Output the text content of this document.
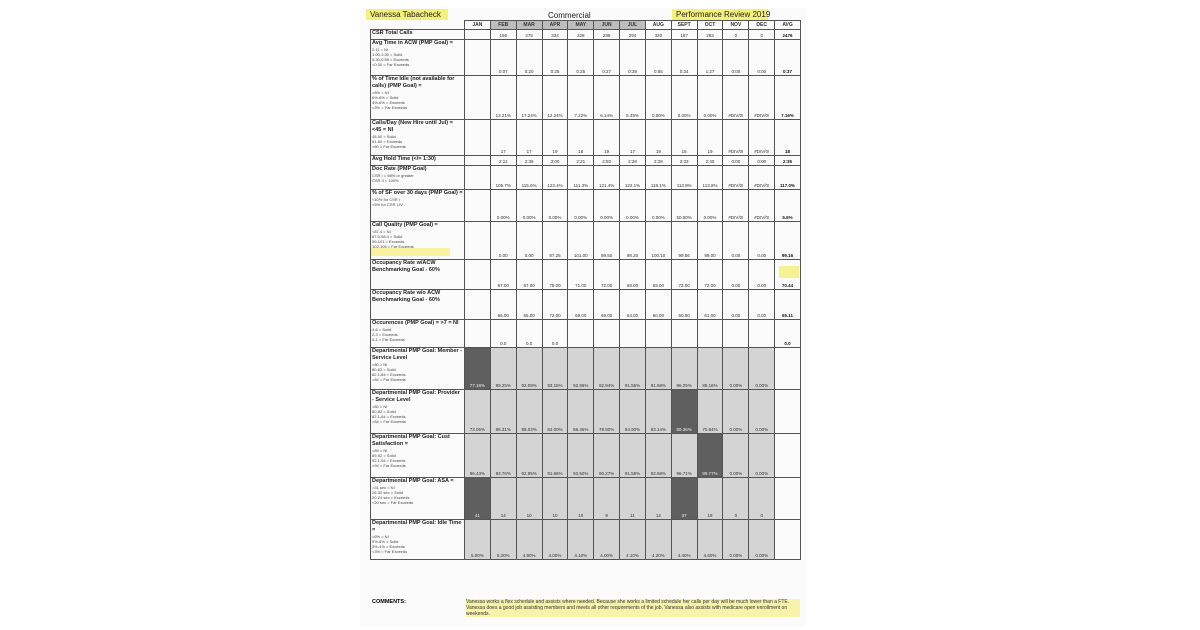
Vanessa Tabacheck	Commercial	Performance Review 2019
	JAN	FEB	MAR	APR	MAY	JUN	JUL	AUG	SEPT	OCT	NOV	DEC	AVG

CSR Total Calls		156	275	334	328	299	294	320	187	283	0	0	2476

Avg Time in ACW (PMP Goal) =
2:11 = NI
1:00-1:30 = Solid
0:30-0:59 = Exceeds
<0:30 = Far Exceeds		0:07	0:20	0:25	0:25	0:27	0:39	0:55	0:34	1:27	0:00	0:00	0:37

% of Time Idle (not available for calls) (PMP Goal) =
>8% = NI
6%-8% = Solid
4%-6% = Exceeds
<3% = Far Exceeds		13.21%	17.24%	12.24%	7.22%	6.14%	5.49%	0.00%	0.00%	0.00%	#DIV/0!	#DIV/0!	7.16%

Calls/Day (New Hire until Jul) = <45 = NI
45-50 = Solid
51-60 = Exceeds
>60 = Far Exceeds		17	17	19	18	19	17	19	16	19	#DIV/0!	#DIV/0!	18

Avg Hold Time (</= 1:30)		2:11	2:36	3:00	2:21	2:50	2:28	2:28	2:33	2:40	0:00	0:00	2:35

Doc Rate (PMP Goal)
CSR I = 98% or greater
CSR II = 100%		105.7%	115.6%	123.4%	111.3%	121.4%	122.1%	118.1%	113.9%	113.8%	#DIV/0!	#DIV/0!	117.0%

% of SF over 30 days (PMP Goal) =
<10% for CSR I
<5% for CSR I-IV		0.00%	0.00%	0.00%	0.00%	0.00%	0.00%	0.00%	50.00%	0.00%	#DIV/0!	#DIV/0!	5.6%

Call Quality (PMP Goal) =
<87.4 = NI
87.5-98.4 = Solid
99-101 = Exceeds
102-105 = Far Exceeds		0.00	0.00	97.25	101.00	99.50	98.20	100.10	99.56	99.00	0.00	0.00	99.16

Occupancy Rate w/ACW Benchmarking Goal - 60%		67.00	67.00	75.00	71.00	72.00	69.00	69.00	72.00	72.00	0.00	0.00	70.44

Occupancy Rate w/o ACW Benchmarking Goal - 60%		66.00	65.00	72.00	69.00	69.00	64.00	60.00	60.00	61.00	0.00	0.00	65.11

Occurences (PMP Goal) = >7 = NI
4-6 = Solid
2-3 = Exceeds
0-1 = Far Exceeds		0.0	0.0	0.0									0.0

Departmental PMP Goal: Member - Service Level
<80 = NI
80-82 = Solid
82.1-84 = Exceeds
>84 = Far Exceeds	77.18%	89.25%	92.09%	93.15%	92.86%	92.94%	91.56%	91.68%	86.25%	85.16%	0.00%	0.00%	

Departmental PMP Goal: Provider - Service Level
<80 = NI
80-82 = Solid
82.1-84 = Exceeds
>84 = Far Exceeds	73.05%	85.31%	88.03%	84.00%	86.46%	78.90%	84.90%	83.14%	69.36%	70.84%	0.00%	0.00%	

Departmental PMP Goal: Cust Satisfaction =
<89 = NI
89-92 = Solid
92.1-94 = Exceeds
>94 = Far Exceeds	96.43%	93.76%	92.95%	91.66%	93.50%	90.27%	91.58%	92.68%	96.71%	89.77%	0.00%	0.00%	

Departmental PMP Goal: ASA =
>31 sec = NI
26-30 sec = Solid
20-24 sec = Exceeds
<20 sec = Far Exceeds	41	14	10	10	10	9	11	12	37	18	0	0	

Departmental PMP Goal: Idle Time =
>6% = NI
5%-6% = Solid
3%-4% = Exceeds
<3% = Far Exceeds	5.00%	5.20%	4.90%	4.00%	4.10%	4.00%	4.10%	4.20%	4.40%	4.60%	0.00%	0.00%	
COMMENTS:	Vanessa works a flex schedule and assists where needed. Because she works a limited schedule her calls per day will be much lower than a FTE. Vanessa does a good job assisting members and meets all other requirements of the job. Vanessa also assists with medicare open enrollment on weekends.
